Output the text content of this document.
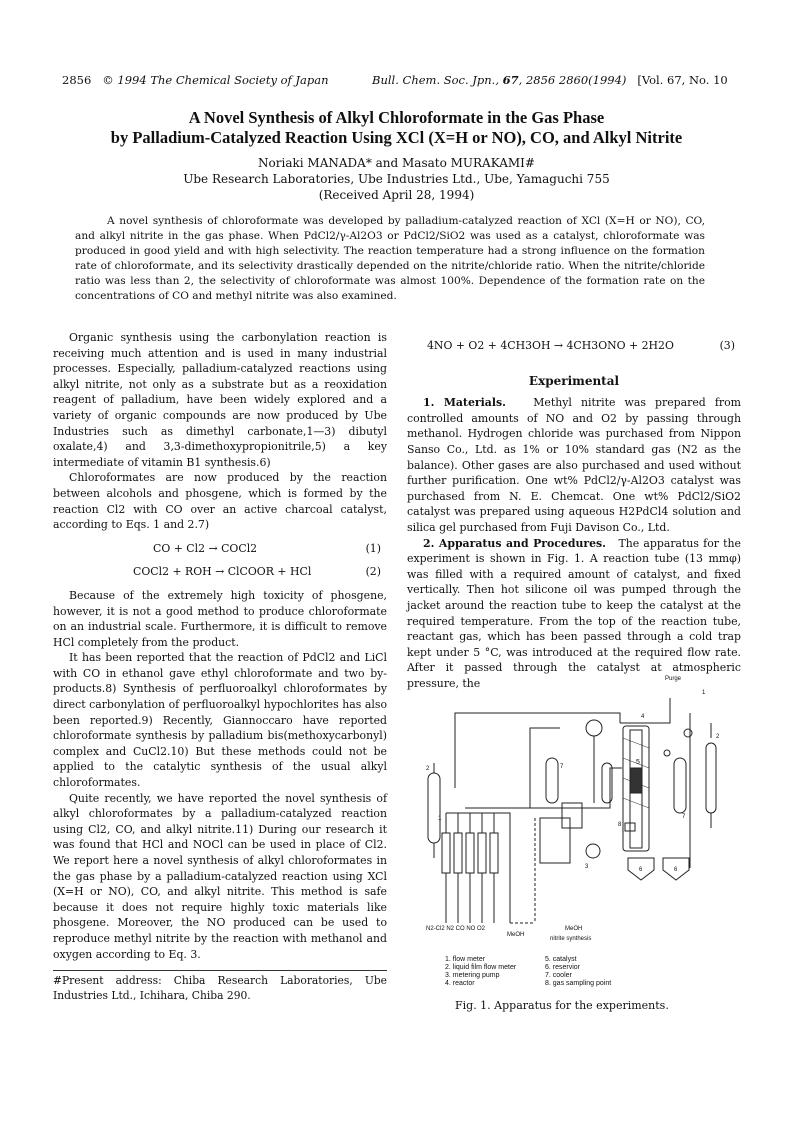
2856 © 1994 The Chemical Society of Japan	Bull. Chem. Soc. Jpn., 67, 2856 2860(1994) [Vol. 67, No. 10
A Novel Synthesis of Alkyl Chloroformate in the Gas Phase
by Palladium-Catalyzed Reaction Using XCl (X=H or NO), CO, and Alkyl Nitrite
Noriaki MANADA* and Masato MURAKAMI#
Ube Research Laboratories, Ube Industries Ltd., Ube, Yamaguchi 755
(Received April 28, 1994)

A novel synthesis of chloroformate was developed by palladium-catalyzed reaction of XCl (X=H or NO), CO, and alkyl nitrite in the gas phase. When PdCl2/γ-Al2O3 or PdCl2/SiO2 was used as a catalyst, chloroformate was produced in good yield and with high selectivity. The reaction temperature had a strong influence on the formation rate of chloroformate, and its selectivity drastically depended on the nitrite/chloride ratio. When the nitrite/chloride ratio was less than 2, the selectivity of chloroformate was almost 100%. Dependence of the formation rate on the concentrations of CO and methyl nitrite was also examined.

Organic synthesis using the carbonylation reaction is receiving much attention and is used in many industrial processes. Especially, palladium-catalyzed reactions using alkyl nitrite, not only as a substrate but as a reoxidation reagent of palladium, have been widely explored and a variety of organic compounds are now produced by Ube Industries such as dimethyl carbonate,1—3) dibutyl oxalate,4) and 3,3-dimethoxypropionitrile,5) a key intermediate of vitamin B1 synthesis.6)

Chloroformates are now produced by the reaction between alcohols and phosgene, which is formed by the reaction Cl2 with CO over an active charcoal catalyst, according to Eqs. 1 and 2.7)

CO + Cl2 → COCl2	(1)
COCl2 + ROH → ClCOOR + HCl	(2)

Because of the extremely high toxicity of phosgene, however, it is not a good method to produce chloroformate on an industrial scale. Furthermore, it is difficult to remove HCl completely from the product.

It has been reported that the reaction of PdCl2 and LiCl with CO in ethanol gave ethyl chloroformate and two by-products.8) Synthesis of perfluoroalkyl chloroformates by direct carbonylation of perfluoroalkyl hypochlorites has also been reported.9) Recently, Giannoccaro have reported chloroformate synthesis by palladium bis(methoxycarbonyl) complex and CuCl2.10) But these methods could not be applied to the catalytic synthesis of the usual alkyl chloroformates.

Quite recently, we have reported the novel synthesis of alkyl chloroformates by a palladium-catalyzed reaction using Cl2, CO, and alkyl nitrite.11) During our research it was found that HCl and NOCl can be used in place of Cl2. We report here a novel synthesis of alkyl chloroformates in the gas phase by a palladium-catalyzed reaction using XCl (X=H or NO), CO, and alkyl nitrite. This method is safe because it does not require highly toxic materials like phosgene. Moreover, the NO produced can be used to reproduce methyl nitrite by the reaction with methanol and oxygen according to Eq. 3.

#Present address: Chiba Research Laboratories, Ube Industries Ltd., Ichihara, Chiba 290.

4NO + O2 + 4CH3OH → 4CH3ONO + 2H2O	(3)
Experimental

1. Materials.	Methyl nitrite was prepared from controlled amounts of NO and O2 by passing through methanol. Hydrogen chloride was purchased from Nippon Sanso Co., Ltd. as 1% or 10% standard gas (N2 as the balance). Other gases are also purchased and used without further purification. One wt% PdCl2/γ-Al2O3 catalyst was purchased from N. E. Chemcat. One wt% PdCl2/SiO2 catalyst was prepared using aqueous H2PdCl4 solution and silica gel purchased from Fuji Davison Co., Ltd.

2. Apparatus and Procedures. The apparatus for the experiment is shown in Fig. 1. A reaction tube (13 mmφ) was filled with a required amount of catalyst, and fixed vertically. Then hot silicone oil was pumped through the jacket around the reaction tube to keep the catalyst at the required temperature. From the top of the reaction tube, reactant gas, which has been passed through a cold trap kept under 5 °C, was introduced at the required flow rate. After it passed through the catalyst at atmospheric pressure, the	Purge
N2-Cl2 N2 CO NO O2
MeOH
MeOH
nitrite synthesis
1
2
2
3
5
4
8
6	6
7
7
1
1. flow meter
2. liquid film flow meter
3. metering pump
4. reactor
5. catalyst
6. reservior
7. cooler
8. gas sampling point
Fig. 1. Apparatus for the experiments.
